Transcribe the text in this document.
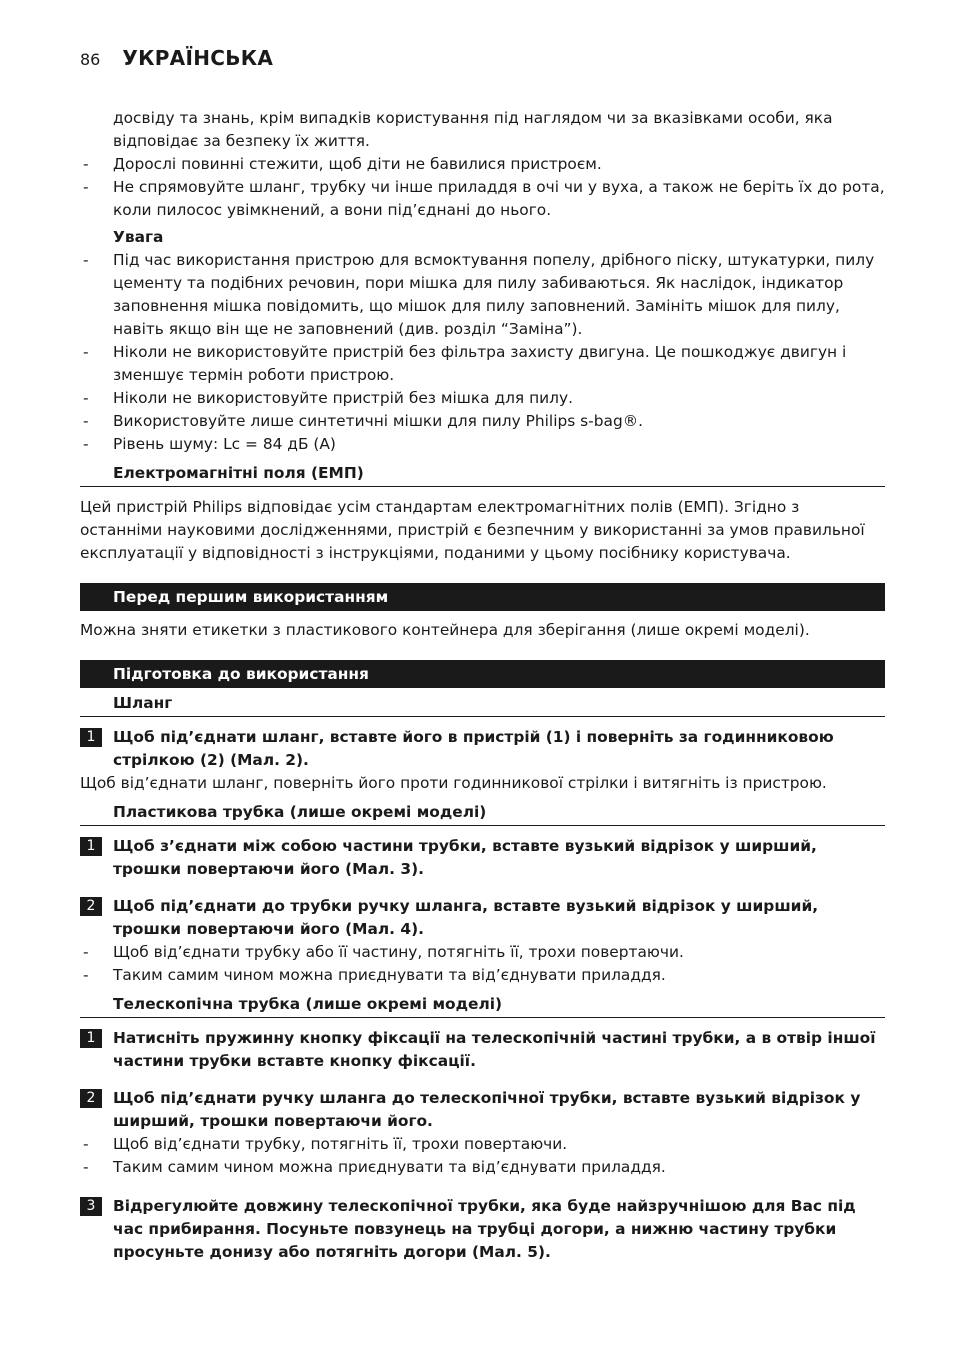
86 УКРАЇНСЬКА
досвіду та знань, крім випадків користування під наглядом чи за вказівками особи, яка відповідає за безпеку їх життя.
- Дорослі повинні стежити, щоб діти не бавилися пристроєм.
- Не спрямовуйте шланг, трубку чи інше приладдя в очі чи у вуха, а також не беріть їх до рота, коли пилосос увімкнений, а вони під’єднані до нього.
Увага
- Під час використання пристрою для всмоктування попелу, дрібного піску, штукатурки, пилу цементу та подібних речовин, пори мішка для пилу забиваються. Як наслідок, індикатор заповнення мішка повідомить, що мішок для пилу заповнений. Замініть мішок для пилу, навіть якщо він ще не заповнений (див. розділ “Заміна”).
- Ніколи не використовуйте пристрій без фільтра захисту двигуна. Це пошкоджує двигун і зменшує термін роботи пристрою.
- Ніколи не використовуйте пристрій без мішка для пилу.
- Використовуйте лише синтетичні мішки для пилу Philips s-bag®.
- Рівень шуму: Lc = 84 дБ (A)
Електромагнітні поля (ЕМП)
Цей пристрій Philips відповідає усім стандартам електромагнітних полів (ЕМП). Згідно з останніми науковими дослідженнями, пристрій є безпечним у використанні за умов правильної експлуатації у відповідності з інструкціями, поданими у цьому посібнику користувача.
Перед першим використанням
Можна зняти етикетки з пластикового контейнера для зберігання (лише окремі моделі).
Підготовка до використання
Шланг
1	Щоб під’єднати шланг, вставте його в пристрій (1) і поверніть за годинниковою стрілкою (2) (Мал. 2).
Щоб від’єднати шланг, поверніть його проти годинникової стрілки і витягніть із пристрою.
Пластикова трубка (лише окремі моделі)
1	Щоб з’єднати між собою частини трубки, вставте вузький відрізок у ширший, трошки повертаючи його (Мал. 3).
2	Щоб під’єднати до трубки ручку шланга, вставте вузький відрізок у ширший, трошки повертаючи його (Мал. 4).
- Щоб від’єднати трубку або її частину, потягніть її, трохи повертаючи.
- Таким самим чином можна приєднувати та від’єднувати приладдя.
Телескопічна трубка (лише окремі моделі)
1	Натисніть пружинну кнопку фіксації на телескопічній частині трубки, а в отвір іншої частини трубки вставте кнопку фіксації.
2	Щоб під’єднати ручку шланга до телескопічної трубки, вставте вузький відрізок у ширший, трошки повертаючи його.
- Щоб від’єднати трубку, потягніть її, трохи повертаючи.
- Таким самим чином можна приєднувати та від’єднувати приладдя.
3	Відрегулюйте довжину телескопічної трубки, яка буде найзручнішою для Вас під час прибирання. Посуньте повзунець на трубці догори, а нижню частину трубки просуньте донизу або потягніть догори (Мал. 5).
